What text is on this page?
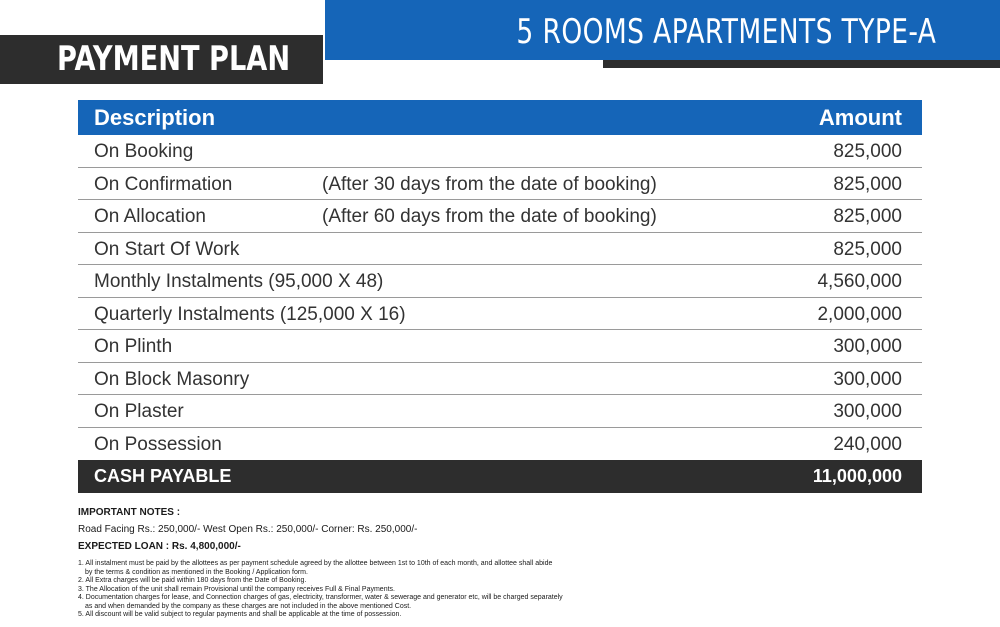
5 ROOMS APARTMENTS TYPE-A
PAYMENT PLAN
Description	Amount
On Booking	825,000
On Confirmation	(After 30 days from the date of booking)	825,000
On Allocation	(After 60 days from the date of booking)	825,000
On Start Of Work	825,000
Monthly Instalments (95,000 X 48)	4,560,000
Quarterly Instalments (125,000 X 16)	2,000,000
On Plinth	300,000
On Block Masonry	300,000
On Plaster	300,000
On Possession	240,000
CASH PAYABLE	11,000,000
IMPORTANT NOTES :
Road Facing Rs.: 250,000/- West Open Rs.: 250,000/- Corner: Rs. 250,000/-
EXPECTED LOAN : Rs. 4,800,000/-
1. All instalment must be paid by the allottees as per payment schedule agreed by the allottee between 1st to 10th of each month, and allottee shall abide
by the terms & condition as mentioned in the Booking / Application form.
2. All Extra charges will be paid within 180 days from the Date of Booking.
3. The Allocation of the unit shall remain Provisional until the company receives Full & Final Payments.
4. Documentation charges for lease, and Connection charges of gas, electricity, transformer, water & sewerage and generator etc, will be charged separately
as and when demanded by the company as these charges are not included in the above mentioned Cost.
5. All discount will be valid subject to regular payments and shall be applicable at the time of possession.
